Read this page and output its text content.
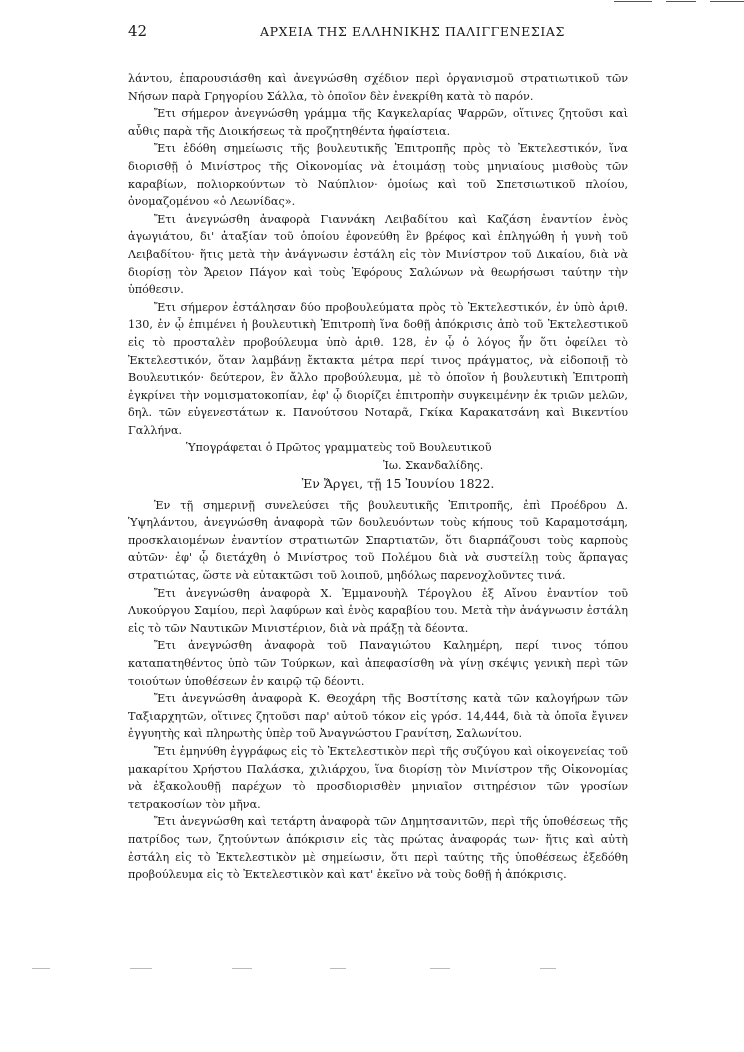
42	ΑΡΧΕΙΑ ΤΗΣ ΕΛΛΗΝΙΚΗΣ ΠΑΛΙΓΓΕΝΕΣΙΑΣ

λάντου, ἐπαρουσιάσθη καὶ ἀνεγνώσθη σχέδιον περὶ ὀργανισμοῦ στρατιωτικοῦ τῶν Νήσων παρὰ Γρηγορίου Σάλλα, τὸ ὁποῖον δὲν ἐνεκρίθη κατὰ τὸ παρόν.

Ἔτι σήμερον ἀνεγνώσθη γράμμα τῆς Καγκελαρίας Ψαρρῶν, οἵτινες ζητοῦσι καὶ αὖθις παρὰ τῆς Διοικήσεως τὰ προζητηθέντα ἡφαίστεια.

Ἔτι ἐδόθη σημείωσις τῆς βουλευτικῆς Ἐπιτροπῆς πρὸς τὸ Ἐκτελεστικόν, ἵνα διορισθῇ ὁ Μινίστρος τῆς Οἰκονομίας νὰ ἑτοιμάσῃ τοὺς μηνιαίους μισθοὺς τῶν καραβίων, πολιορκούντων τὸ Ναύπλιον· ὁμοίως καὶ τοῦ Σπετσιωτικοῦ πλοίου, ὀνομαζομένου «ὁ Λεωνίδας».

Ἔτι ἀνεγνώσθη ἀναφορὰ Γιαννάκη Λειβαδίτου καὶ Καζάση ἐναντίον ἑνὸς ἀγωγιάτου, δι' ἀταξίαν τοῦ ὁποίου ἐφονεύθη ἓν βρέφος καὶ ἐπληγώθη ἡ γυνὴ τοῦ Λειβαδίτου· ἥτις μετὰ τὴν ἀνάγνωσιν ἐστάλη εἰς τὸν Μινίστρον τοῦ Δικαίου, διὰ νὰ διορίσῃ τὸν Ἄρειον Πάγον καὶ τοὺς Ἐφόρους Σαλώνων νὰ θεωρήσωσι ταύτην τὴν ὑπόθεσιν.

Ἔτι σήμερον ἐστάλησαν δύο προβουλεύματα πρὸς τὸ Ἐκτελεστικόν, ἐν ὑπὸ ἀριθ. 130, ἐν ᾧ ἐπιμένει ἡ βουλευτικὴ Ἐπιτροπὴ ἵνα δοθῇ ἀπόκρισις ἀπὸ τοῦ Ἐκτελεστικοῦ εἰς τὸ προσταλὲν προβούλευμα ὑπὸ ἀριθ. 128, ἐν ᾧ ὁ λόγος ἦν ὅτι ὀφείλει τὸ Ἐκτελεστικόν, ὅταν λαμβάνῃ ἔκτακτα μέτρα περί τινος πράγματος, νὰ εἰδοποιῇ τὸ Βουλευτικόν· δεύτερον, ἓν ἄλλο προβούλευμα, μὲ τὸ ὁποῖον ἡ βουλευτικὴ Ἐπιτροπὴ ἐγκρίνει τὴν νομισματοκοπίαν, ἐφ' ᾧ διορίζει ἐπιτροπὴν συγκειμένην ἐκ τριῶν μελῶν, δηλ. τῶν εὐγενεστάτων κ. Πανούτσου Νοταρᾶ, Γκίκα Καρακατσάνη καὶ Βικεντίου Γαλλήνα.

Ὑπογράφεται ὁ Πρῶτος γραμματεὺς τοῦ Βουλευτικοῦ

Ἰω. Σκανδαλίδης.

Ἐν Ἄργει, τῇ 15 Ἰουνίου 1822.

Ἐν τῇ σημερινῇ συνελεύσει τῆς βουλευτικῆς Ἐπιτροπῆς, ἐπὶ Προέδρου Δ. Ὑψηλάντου, ἀνεγνώσθη ἀναφορὰ τῶν δουλευόντων τοὺς κήπους τοῦ Καραμοτσάμη, προσκλαιομένων ἐναντίον στρατιωτῶν Σπαρτιατῶν, ὅτι διαρπάζουσι τοὺς καρποὺς αὐτῶν· ἐφ' ᾧ διετάχθη ὁ Μινίστρος τοῦ Πολέμου διὰ νὰ συστείλῃ τοὺς ἅρπαγας στρατιώτας, ὥστε νὰ εὐτακτῶσι τοῦ λοιποῦ, μηδόλως παρενοχλοῦντες τινά.

Ἔτι ἀνεγνώσθη ἀναφορὰ Χ. Ἐμμανουὴλ Τέρογλου ἐξ Αἴνου ἐναντίον τοῦ Λυκούργου Σαμίου, περὶ λαφύρων καὶ ἑνὸς καραβίου του. Μετὰ τὴν ἀνάγνωσιν ἐστάλη εἰς τὸ τῶν Ναυτικῶν Μινιστέριον, διὰ νὰ πράξῃ τὰ δέοντα.

Ἔτι ἀνεγνώσθη ἀναφορὰ τοῦ Παναγιώτου Καλημέρη, περί τινος τόπου καταπατηθέντος ὑπὸ τῶν Τούρκων, καὶ ἀπεφασίσθη νὰ γίνῃ σκέψις γενικὴ περὶ τῶν τοιούτων ὑποθέσεων ἐν καιρῷ τῷ δέοντι.

Ἔτι ἀνεγνώσθη ἀναφορὰ Κ. Θεοχάρη τῆς Βοστίτσης κατὰ τῶν καλογήρων τῶν Ταξιαρχητῶν, οἵτινες ζητοῦσι παρ' αὐτοῦ τόκον εἰς γρόσ. 14,444, διὰ τὰ ὁποῖα ἔγινεν ἐγγυητὴς καὶ πληρωτὴς ὑπὲρ τοῦ Ἀναγνώστου Γρανίτση, Σαλωνίτου.

Ἔτι ἐμηνύθη ἐγγράφως εἰς τὸ Ἐκτελεστικὸν περὶ τῆς συζύγου καὶ οἰκογενείας τοῦ μακαρίτου Χρήστου Παλάσκα, χιλιάρχου, ἵνα διορίσῃ τὸν Μινίστρον τῆς Οἰκονομίας νὰ ἐξακολουθῇ παρέχων τὸ προσδιορισθὲν μηνιαῖον σιτηρέσιον τῶν γροσίων τετρακοσίων τὸν μῆνα.

Ἔτι ἀνεγνώσθη καὶ τετάρτη ἀναφορὰ τῶν Δημητσανιτῶν, περὶ τῆς ὑποθέσεως τῆς πατρίδος των, ζητούντων ἀπόκρισιν εἰς τὰς πρώτας ἀναφοράς των· ἥτις καὶ αὐτὴ ἐστάλη εἰς τὸ Ἐκτελεστικὸν μὲ σημείωσιν, ὅτι περὶ ταύτης τῆς ὑποθέσεως ἐξεδόθη προβούλευμα εἰς τὸ Ἐκτελεστικὸν καὶ κατ' ἐκεῖνο νὰ τοὺς δοθῇ ἡ ἀπόκρισις.
